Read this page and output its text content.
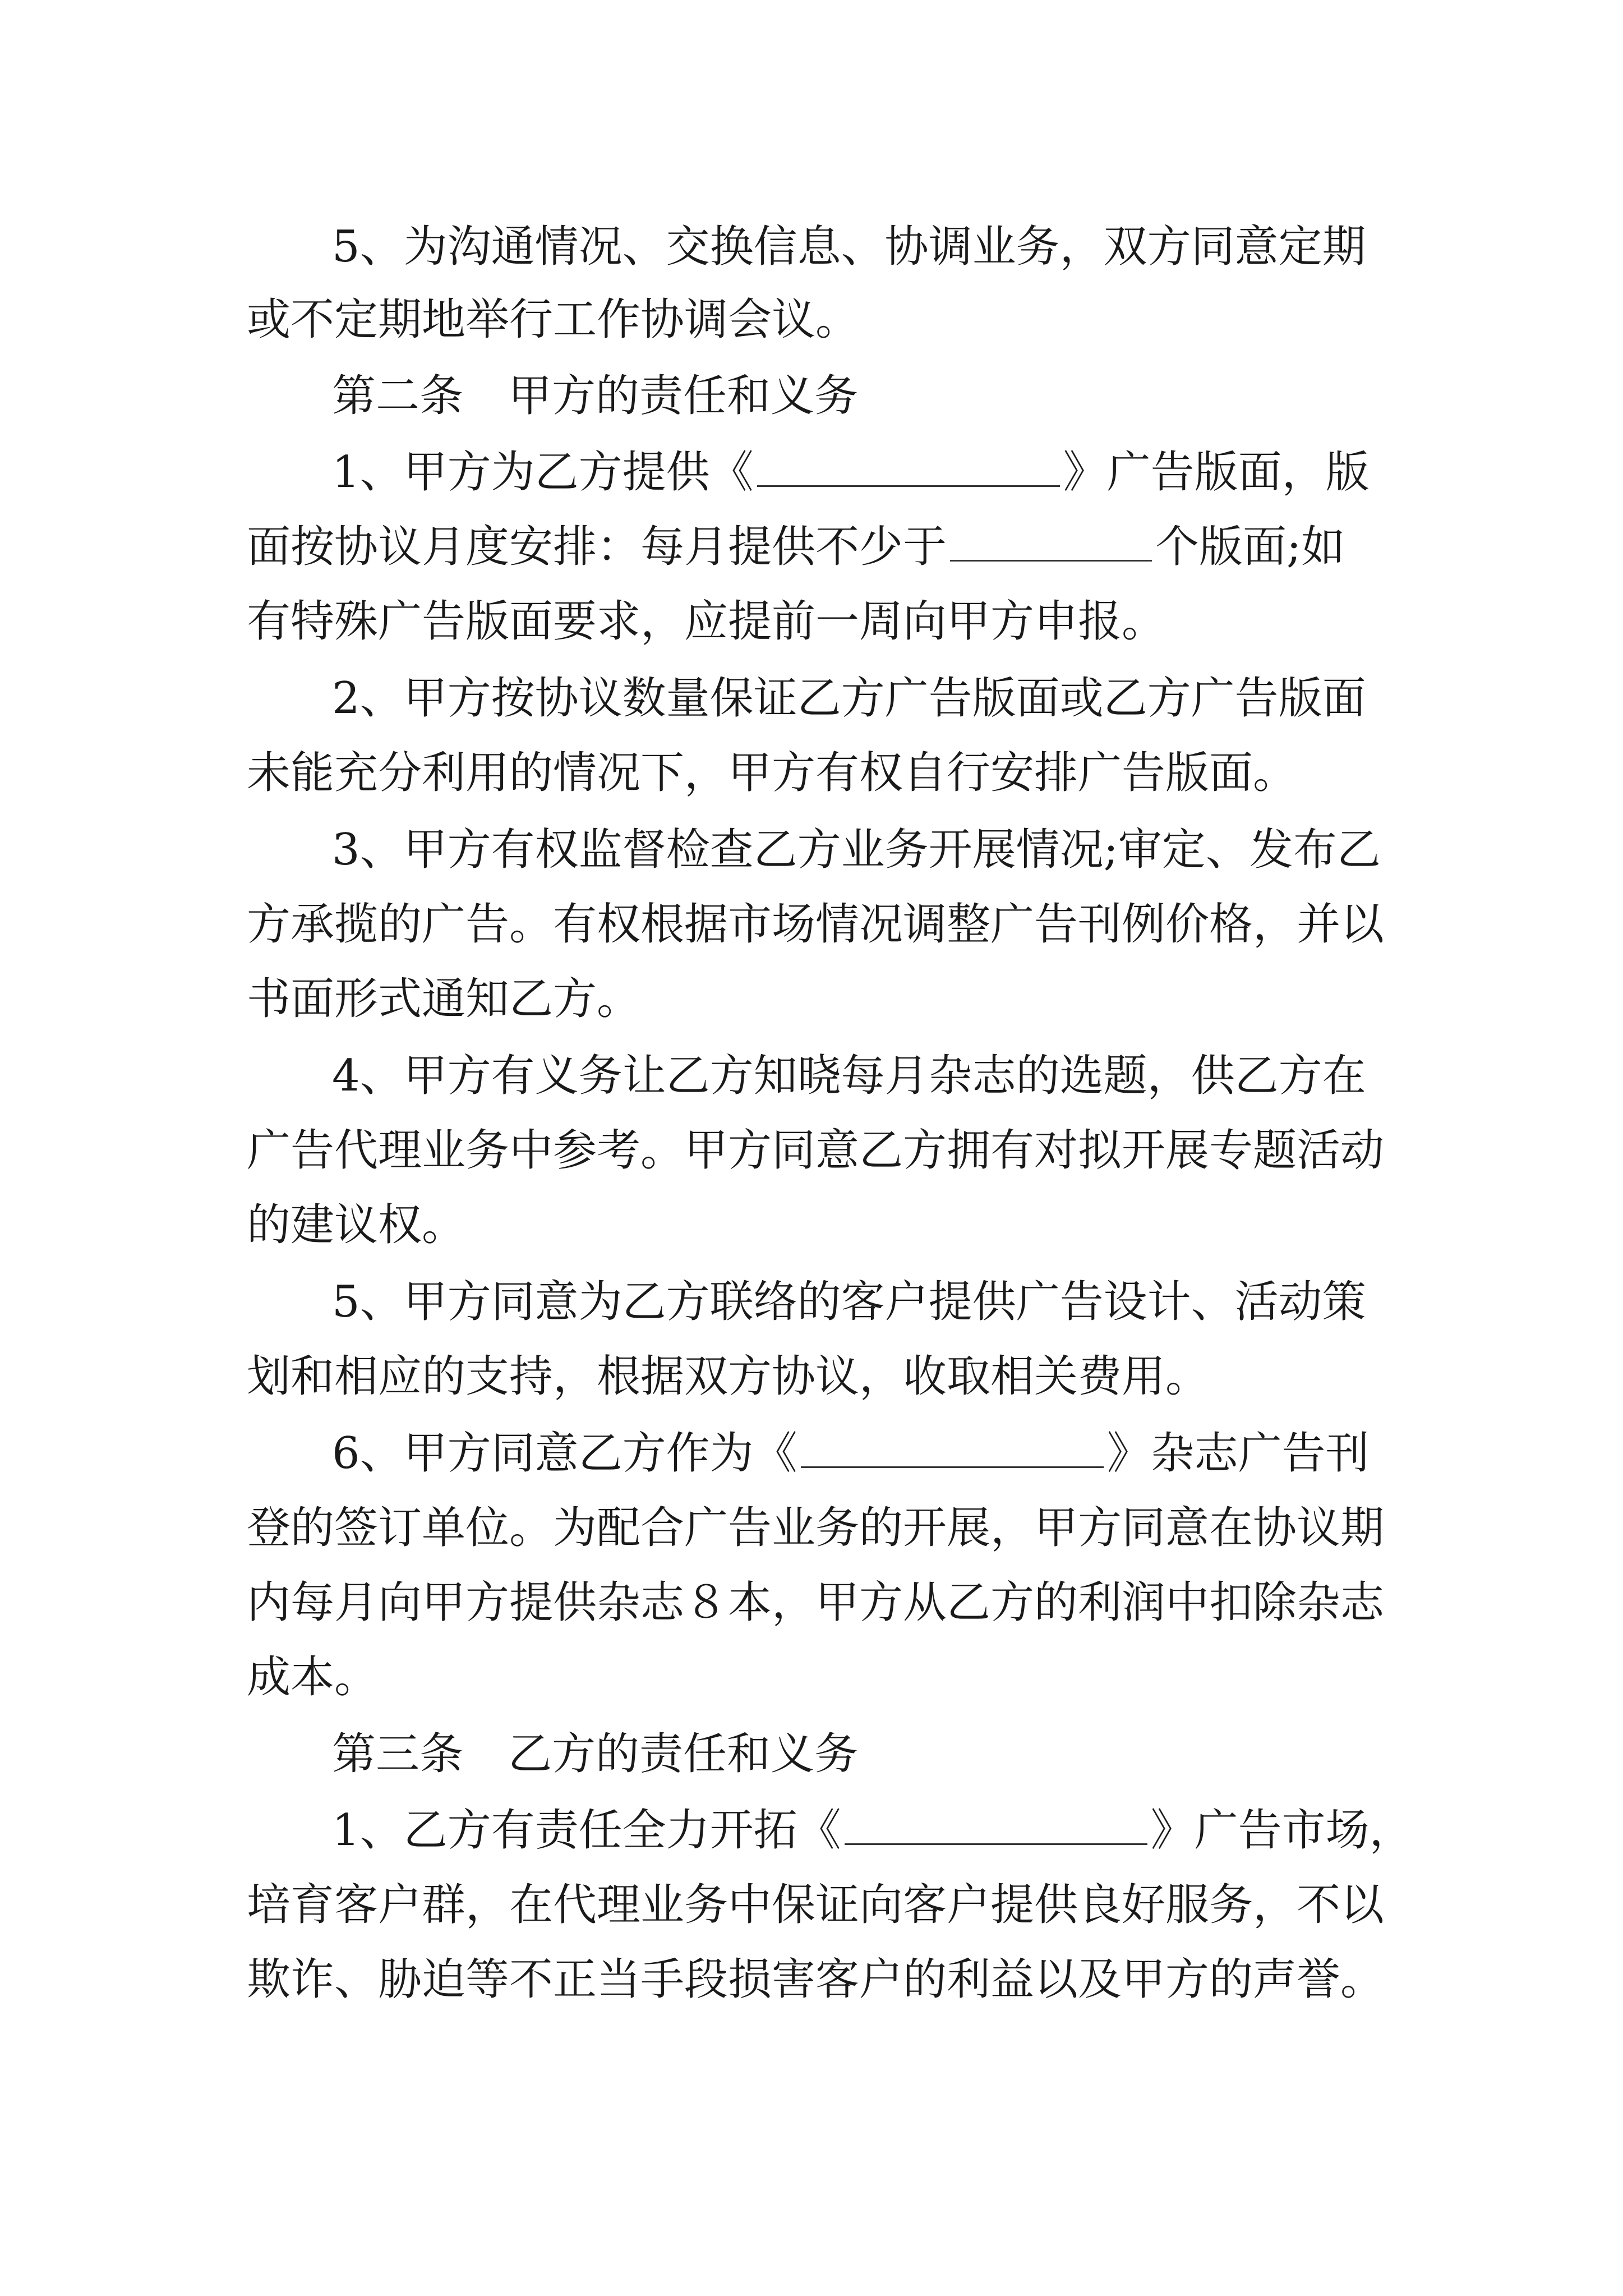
5、为沟通情况、交换信息、协调业务，双方同意定期
或不定期地举行工作协调会议。
第二条 甲方的责任和义务
1、甲方为乙方提供《	》广告版面，版
面按协议月度安排：每月提供不少于	个版面;如
有特殊广告版面要求，应提前一周向甲方申报。
2、甲方按协议数量保证乙方广告版面或乙方广告版面
未能充分利用的情况下，甲方有权自行安排广告版面。
3、甲方有权监督检查乙方业务开展情况;审定、发布乙
方承揽的广告。有权根据市场情况调整广告刊例价格，并以
书面形式通知乙方。
4、甲方有义务让乙方知晓每月杂志的选题，供乙方在
广告代理业务中参考。甲方同意乙方拥有对拟开展专题活动
的建议权。
5、甲方同意为乙方联络的客户提供广告设计、活动策
划和相应的支持，根据双方协议，收取相关费用。
6、甲方同意乙方作为《	》杂志广告刊
登的签订单位。为配合广告业务的开展，甲方同意在协议期
内每月向甲方提供杂志８本，甲方从乙方的利润中扣除杂志
成本。
第三条 乙方的责任和义务
1、乙方有责任全力开拓《	》广告市场，
培育客户群，在代理业务中保证向客户提供良好服务，不以
欺诈、胁迫等不正当手段损害客户的利益以及甲方的声誉。
